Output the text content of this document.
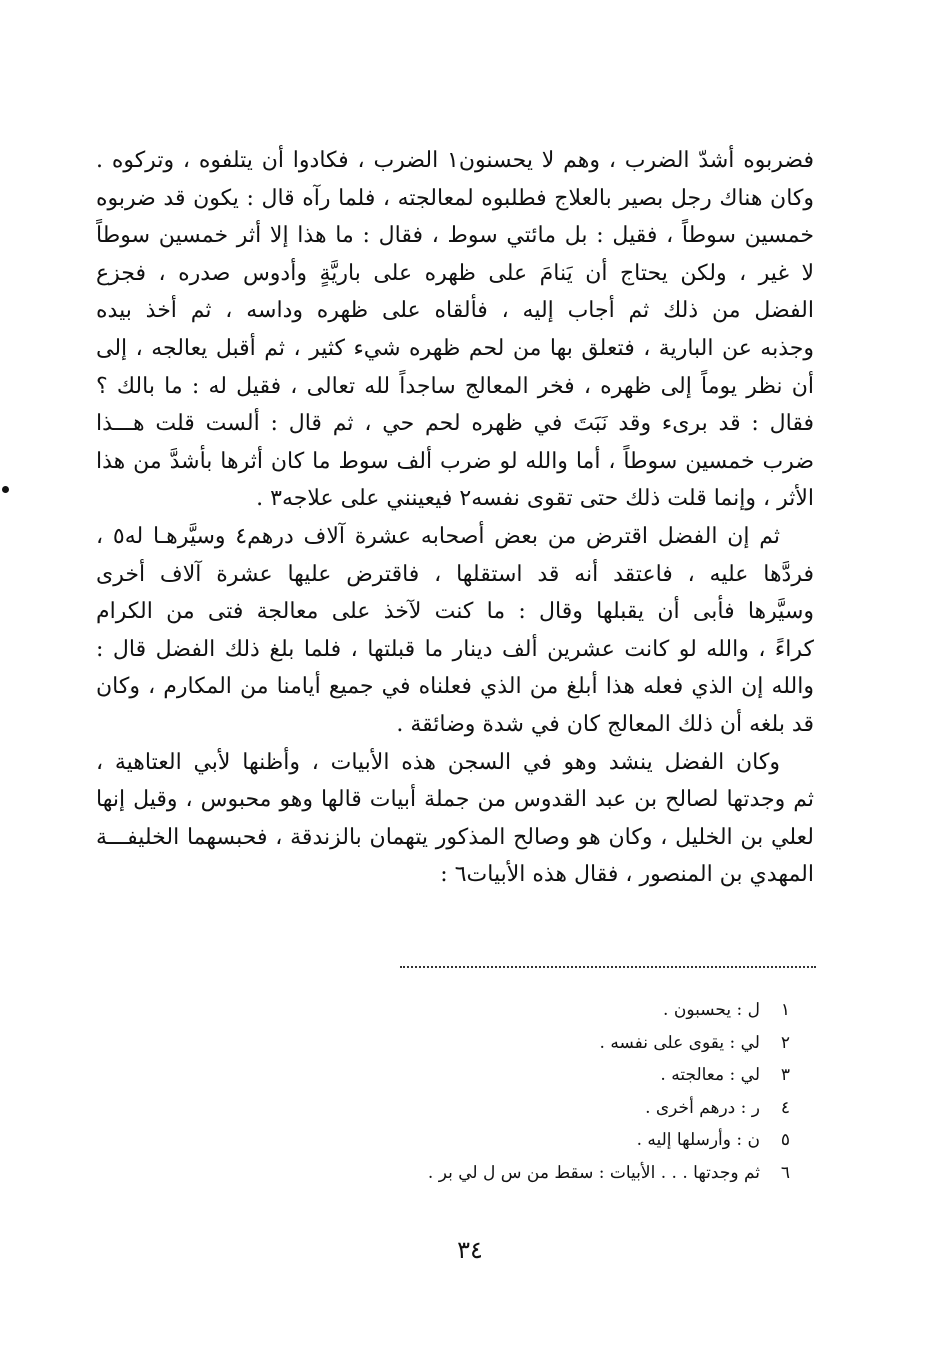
فضربوه أشدّ الضرب ، وهم لا يحسنون١ الضرب ، فكادوا أن يتلفوه ، وتركوه .
وكان هناك رجل بصير بالعلاج فطلبوه لمعالجته ، فلما رآه قال : يكون قد ضربوه
خمسين سوطاً ، فقيل : بل مائتي سوط ، فقال : ما هذا إلا أثر خمسين سوطاً
لا غير ، ولكن يحتاج أن يَنامَ على ظهره على باريَّةٍ وأدوس صدره ، فجزع
الفضل من ذلك ثم أجاب إليه ، فألقاه على ظهره وداسه ، ثم أخذ بيده
وجذبه عن البارية ، فتعلق بها من لحم ظهره شيء كثير ، ثم أقبل يعالجه ، إلى
أن نظر يوماً إلى ظهره ، فخر المعالج ساجداً لله تعالى ، فقيل له : ما بالك ؟
فقال : قد برىء وقد نَبَتَ في ظهره لحم حي ، ثم قال : ألست قلت هـــذا
ضرب خمسين سوطاً ، أما والله لو ضرب ألف سوط ما كان أثرها بأشدَّ من هذا
الأثر ، وإنما قلت ذلك حتى تقوى نفسه٢ فيعينني على علاجه٣ .
ثم إن الفضل اقترض من بعض أصحابه عشرة آلاف درهم٤ وسيَّرهـا له٥ ،
فردَّها عليه ، فاعتقد أنه قد استقلها ، فاقترض عليها عشرة آلاف أخرى
وسيَّرها فأبى أن يقبلها وقال : ما كنت لآخذ على معالجة فتى من الكرام
كراءً ، والله لو كانت عشرين ألف دينار ما قبلتها ، فلما بلغ ذلك الفضل قال :
والله إن الذي فعله هذا أبلغ من الذي فعلناه في جميع أيامنا من المكارم ، وكان
قد بلغه أن ذلك المعالج كان في شدة وضائقة .
وكان الفضل ينشد وهو في السجن هذه الأبيات ، وأظنها لأبي العتاهية ،
ثم وجدتها لصالح بن عبد القدوس من جملة أبيات قالها وهو محبوس ، وقيل إنها
لعلي بن الخليل ، وكان هو وصالح المذكور يتهمان بالزندقة ، فحبسهما الخليفـــة
المهدي بن المنصور ، فقال هذه الأبيات٦ :
١ل : يحسبون .
٢لي : يقوى على نفسه .
٣لي : معالجته .
٤ر : درهم أخرى .
٥ن : وأرسلها إليه .
٦ثم وجدتها . . . الأبيات : سقط من س ل لي بر .
٣٤
